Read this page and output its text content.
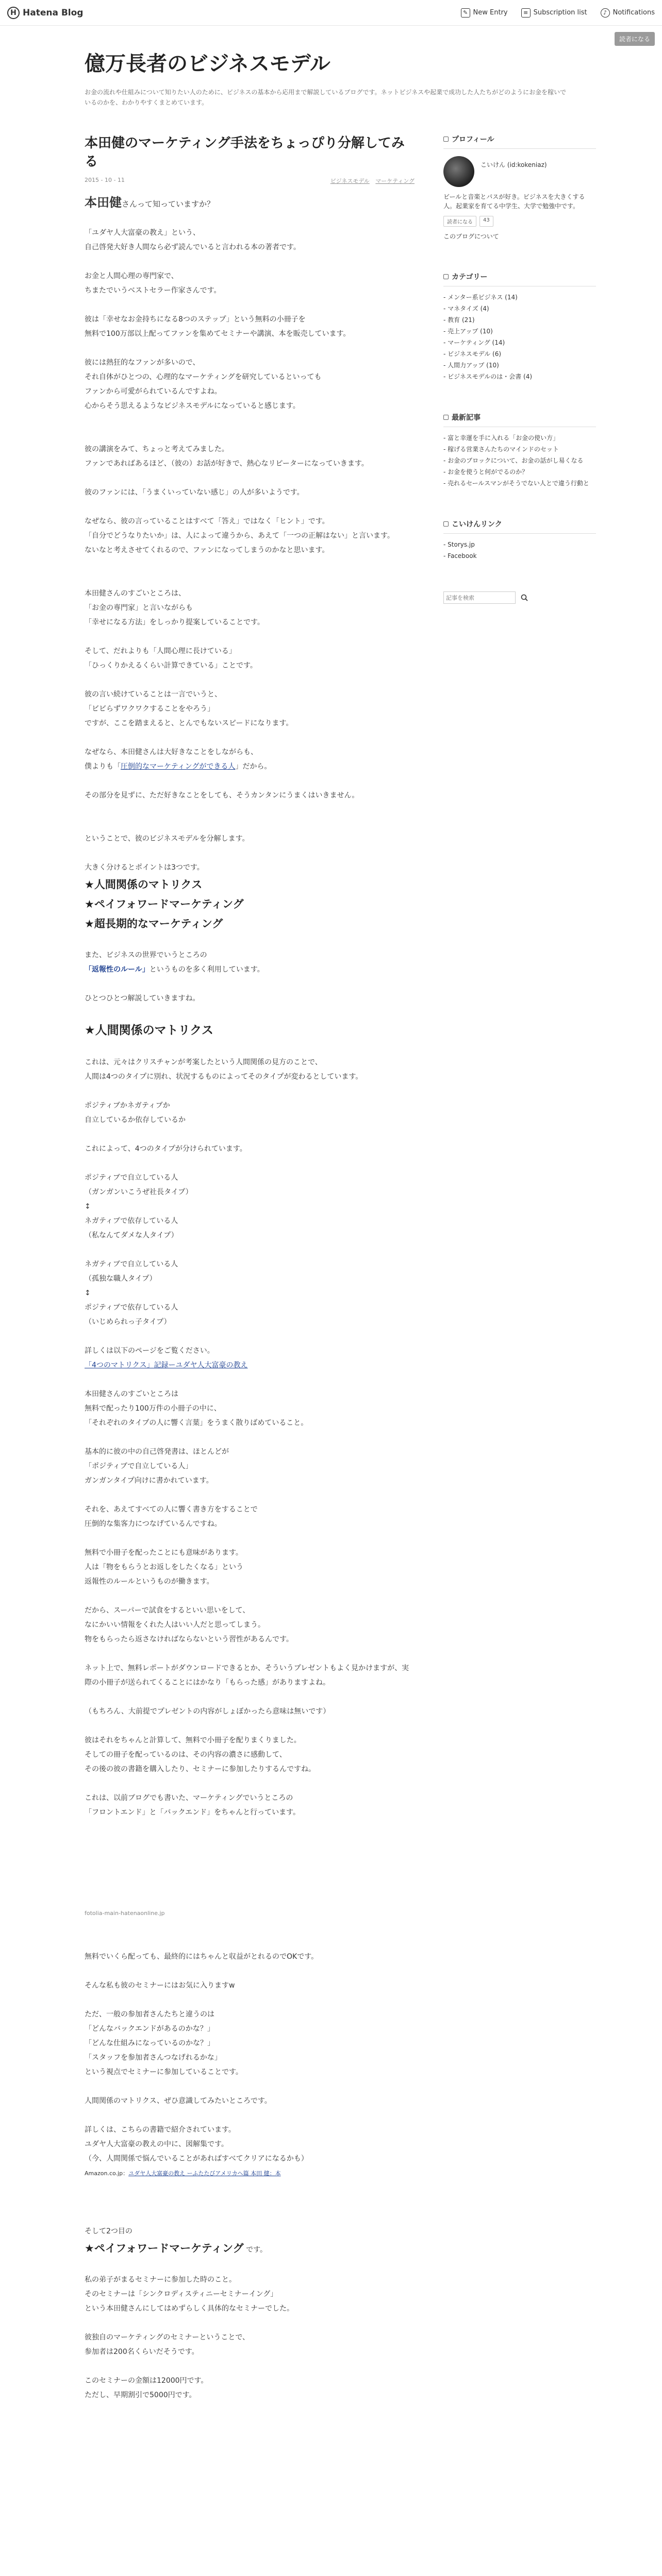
H Hatena Blog	✎ New Entry	≡ Subscription list	♪ Notifications
読者になる
億万長者のビジネスモデル
お金の流れや仕組みについて知りたい人のために、ビジネスの基本から応用まで解説しているブログです。ネットビジネスや起業で成功した人たちがどのようにお金を稼いでいるのかを、わかりやすくまとめています。
本田健のマーケティング手法をちょっぴり分解してみる
2015 - 10 - 11	ビジネスモデル マーケティング

本田健さんって知っていますか？

「ユダヤ人大富豪の教え」という、
自己啓発大好き人間なら必ず読んでいると言われる本の著者です。

お金と人間心理の専門家で、
ちまたでいうベストセラー作家さんです。

彼は「幸せなお金持ちになる8つのステップ」という無料の小冊子を
無料で100万部以上配ってファンを集めてセミナーや講演、本を販売しています。

彼には熱狂的なファンが多いので、
それ自体がひとつの、心理的なマーケティングを研究しているといっても
ファンから可愛がられているんですよね。
心からそう思えるようなビジネスモデルになっていると感じます。

彼の講演をみて、ちょっと考えてみました。
ファンであればあるほど、（彼の）お話が好きで、熱心なリピーターになっていきます。

彼のファンには、「うまくいっていない感じ」の人が多いようです。

なぜなら、彼の言っていることはすべて「答え」ではなく「ヒント」です。
「自分でどうなりたいか」は、人によって違うから、あえて「一つの正解はない」と言います。
ないなと考えさせてくれるので、ファンになってしまうのかなと思います。

本田健さんのすごいところは、
「お金の専門家」と言いながらも
「幸せになる方法」をしっかり提案していることです。

そして、だれよりも「人間心理に長けている」
「ひっくりかえるくらい計算できている」ことです。

彼の言い続けていることは一言でいうと、
「ビビらずワクワクすることをやろう」
ですが、ここを踏まえると、とんでもないスピードになります。

なぜなら、本田健さんは大好きなことをしながらも、
僕よりも「圧倒的なマーケティングができる人」だから。

その部分を見ずに、ただ好きなことをしても、そうカンタンにうまくはいきません。

ということで、彼のビジネスモデルを分解します。

大きく分けるとポイントは3つです。

★人間関係のマトリクス

★ペイフォワードマーケティング

★超長期的なマーケティング

また、ビジネスの世界でいうところの
「返報性のルール」というものを多く利用しています。

ひとつひとつ解説していきますね。

★人間関係のマトリクス

これは、元々はクリスチャンが考案したという人間関係の見方のことで、
人間は4つのタイプに別れ、状況するものによってそのタイプが変わるとしています。

ポジティブかネガティブか
自立しているか依存しているか

これによって、4つのタイプが分けられています。

ポジティブで自立している人
（ガンガンいこうぜ社長タイプ）
↕
ネガティブで依存している人
（私なんてダメな人タイプ）

ネガティブで自立している人
（孤独な職人タイプ）
↕
ポジティブで依存している人
（いじめられっ子タイプ）

詳しくは以下のページをご覧ください。
「4つのマトリクス」記録ーユダヤ人大富豪の教え

本田健さんのすごいところは
無料で配ったり100万件の小冊子の中に、
「それぞれのタイプの人に響く言葉」をうまく散りばめていること。

基本的に彼の中の自己啓発書は、ほとんどが
「ポジティブで自立している人」
ガンガンタイプ向けに書かれています。

それを、あえてすべての人に響く書き方をすることで
圧倒的な集客力につなげているんですね。

無料で小冊子を配ったことにも意味があります。
人は「物をもらうとお返しをしたくなる」という
返報性のルールというものが働きます。

だから、スーパーで試食をするといい思いをして、
なにかいい情報をくれた人はいい人だと思ってしまう。
物をもらったら返さなければならないという習性があるんです。

ネット上で、無料レポートがダウンロードできるとか、そういうプレゼントもよく見かけますが、実際の小冊子が送られてくることにはかなり「もらった感」がありますよね。

（もちろん、大前提でプレゼントの内容がしょぼかったら意味は無いです）

彼はそれをちゃんと計算して、無料で小冊子を配りまくりました。
そしての冊子を配っているのは、その内容の濃さに感動して、
その後の彼の書籍を購入したり、セミナーに参加したりするんですね。

これは、以前ブログでも書いた、マーケティングでいうところの
「フロントエンド」と「バックエンド」をちゃんと行っています。

fotolia-main-hatenaonline.jp

無料でいくら配っても、最終的にはちゃんと収益がとれるのでOKです。

そんな私も彼のセミナーにはお気に入りますw

ただ、一般の参加者さんたちと違うのは
「どんなバックエンドがあるのかな？」
「どんな仕組みになっているのかな？」
「スタッフを参加者さんつなげれるかな」
という視点でセミナーに参加していることです。

人間関係のマトリクス、ぜひ意識してみたいところです。

詳しくは、こちらの書籍で紹介されています。
ユダヤ人大富豪の教えの中に、図解集です。
（今、人間関係で悩んでいることがあればすべてクリアになるかも）
Amazon.co.jp：ユダヤ人大富豪の教え ーふたたびアメリカへ篇 本田 健：本

そして2つ目の

★ペイフォワードマーケティング です。

私の弟子がまるセミナーに参加した時のこと。
そのセミナーは「シンクロディスティニーセミナーイング」
という本田健さんにしてはめずらしく具体的なセミナーでした。

彼独自のマーケティングのセミナーということで、
参加者は200名くらいだそうです。

このセミナーの金額は12000円です。
ただし、早期割引で5000円です。

プロフィール
こいけん (id:kokeniaz)
ビールと音楽とパスが好き。ビジネスを大きくする人。起業家を育てる中学生、大学で勉強中です。
読者になる	43
このブログについて
カテゴリー
- メンター系ビジネス (14)
- マネタイズ (4)
- 教育 (21)
- 売上アップ (10)
- マーケティング (14)
- ビジネスモデル (6)
- 人間力アップ (10)
- ビジネスモデルのは・会書 (4)
最新記事
- 富と幸運を手に入れる「お金の使い方」
- 稼げる営業さんたちのマインドのセット
- お金のブロックについて、お金の話がし易くなる
- お金を使うと何がでるのか？
- 売れるセールスマンがそうでない人とで違う行動と
こいけんリンク
- Storys.jp
- Facebook
記事を検索
